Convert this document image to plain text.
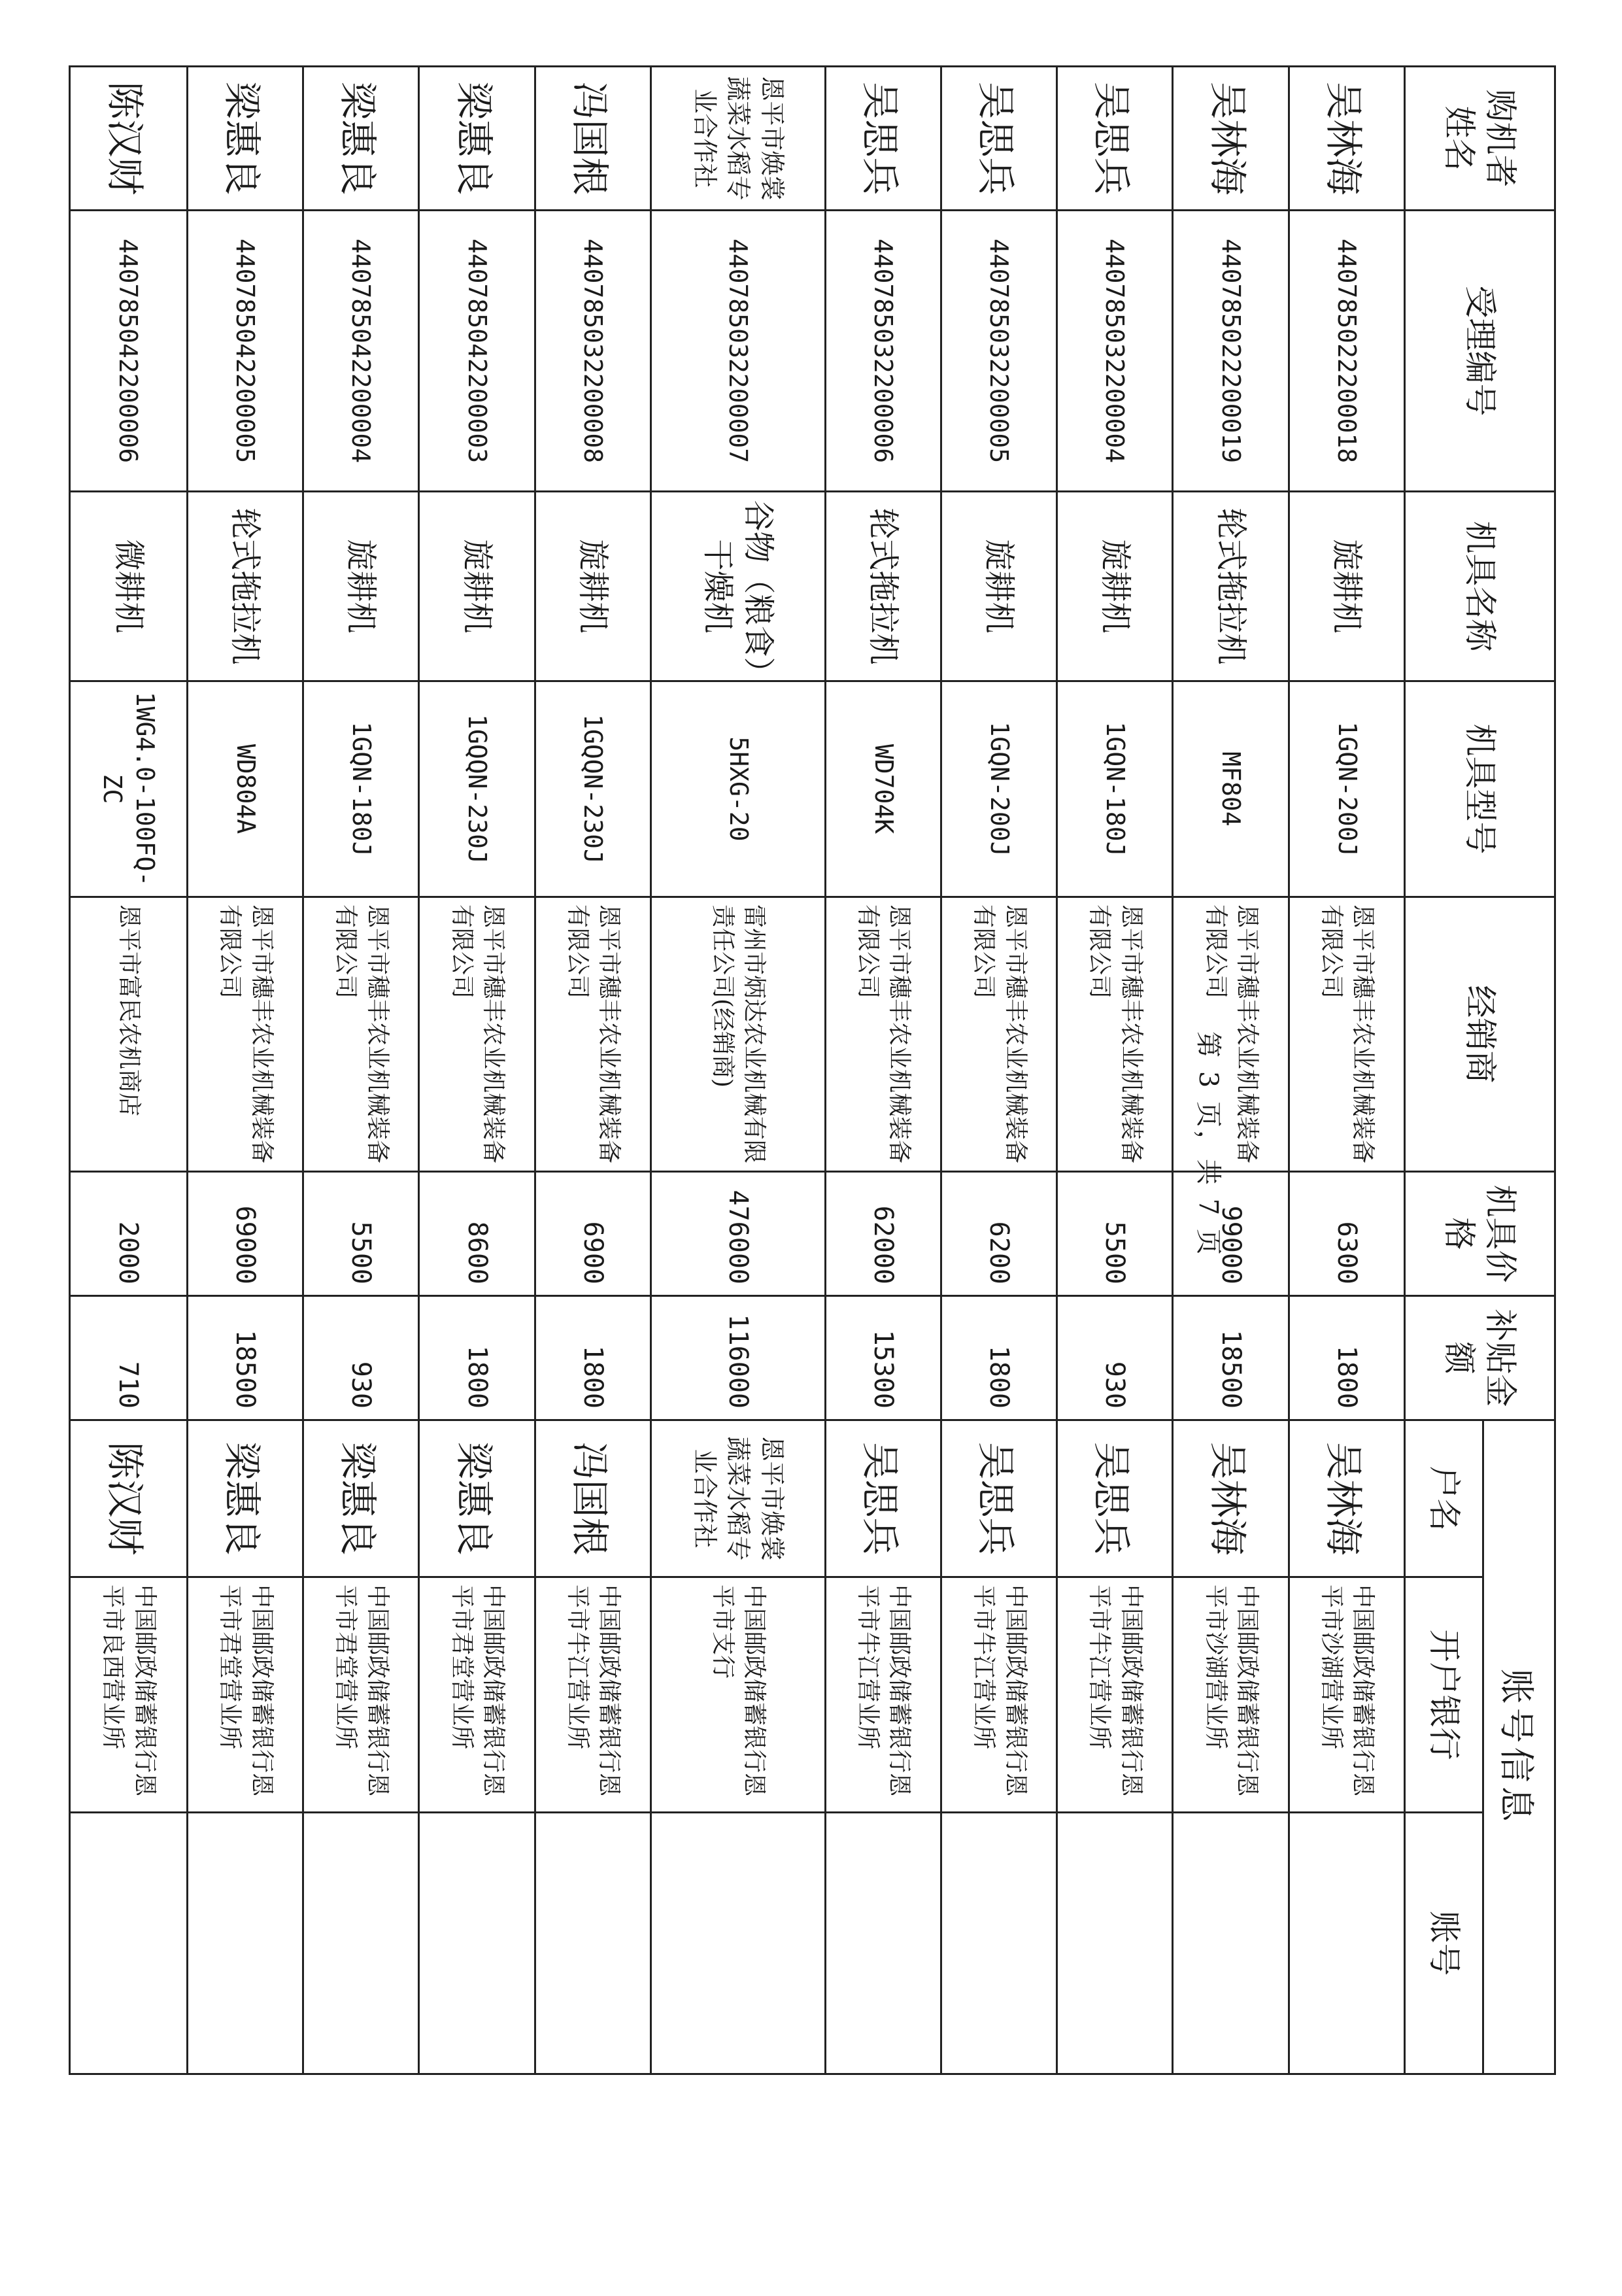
购机者姓名	受理编号	机具名称	机具型号	经销商	机具价格	补贴金额	账号信息		
							户名	开户银行	账号
吴林海	440785022200018	旋耕机	1GQN-200J	恩平市穗丰农业机械装备有限公司	6300	1800	吴林海	中国邮政储蓄银行恩平市沙湖营业所	
吴林海	440785022200019	轮式拖拉机	MF804	恩平市穗丰农业机械装备有限公司	99000	18500	吴林海	中国邮政储蓄银行恩平市沙湖营业所	
吴思兵	440785032200004	旋耕机	1GQN-180J	恩平市穗丰农业机械装备有限公司	5500	930	吴思兵	中国邮政储蓄银行恩平市牛江营业所	
吴思兵	440785032200005	旋耕机	1GQN-200J	恩平市穗丰农业机械装备有限公司	6200	1800	吴思兵	中国邮政储蓄银行恩平市牛江营业所	
吴思兵	440785032200006	轮式拖拉机	WD704K	恩平市穗丰农业机械装备有限公司	62000	15300	吴思兵	中国邮政储蓄银行恩平市牛江营业所	
恩平市焕裳蔬菜水稻专业合作社	440785032200007	谷物（粮食）干燥机	5HXG-20	雷州市炳达农业机械有限责任公司(经销商)	476000	116000	恩平市焕裳蔬菜水稻专业合作社	中国邮政储蓄银行恩平市支行	
冯国根	440785032200008	旋耕机	1GQQN-230J	恩平市穗丰农业机械装备有限公司	6900	1800	冯国根	中国邮政储蓄银行恩平市牛江营业所	
梁惠良	440785042200003	旋耕机	1GQQN-230J	恩平市穗丰农业机械装备有限公司	8600	1800	梁惠良	中国邮政储蓄银行恩平市君堂营业所	
梁惠良	440785042200004	旋耕机	1GQN-180J	恩平市穗丰农业机械装备有限公司	5500	930	梁惠良	中国邮政储蓄银行恩平市君堂营业所	
梁惠良	440785042200005	轮式拖拉机	WD804A	恩平市穗丰农业机械装备有限公司	69000	18500	梁惠良	中国邮政储蓄银行恩平市君堂营业所	
陈汉财	440785042200006	微耕机	1WG4.0-100FQ-ZC	恩平市富民农机商店	2000	710	陈汉财	中国邮政储蓄银行恩平市良西营业所	
第 3 页，共 7 页
